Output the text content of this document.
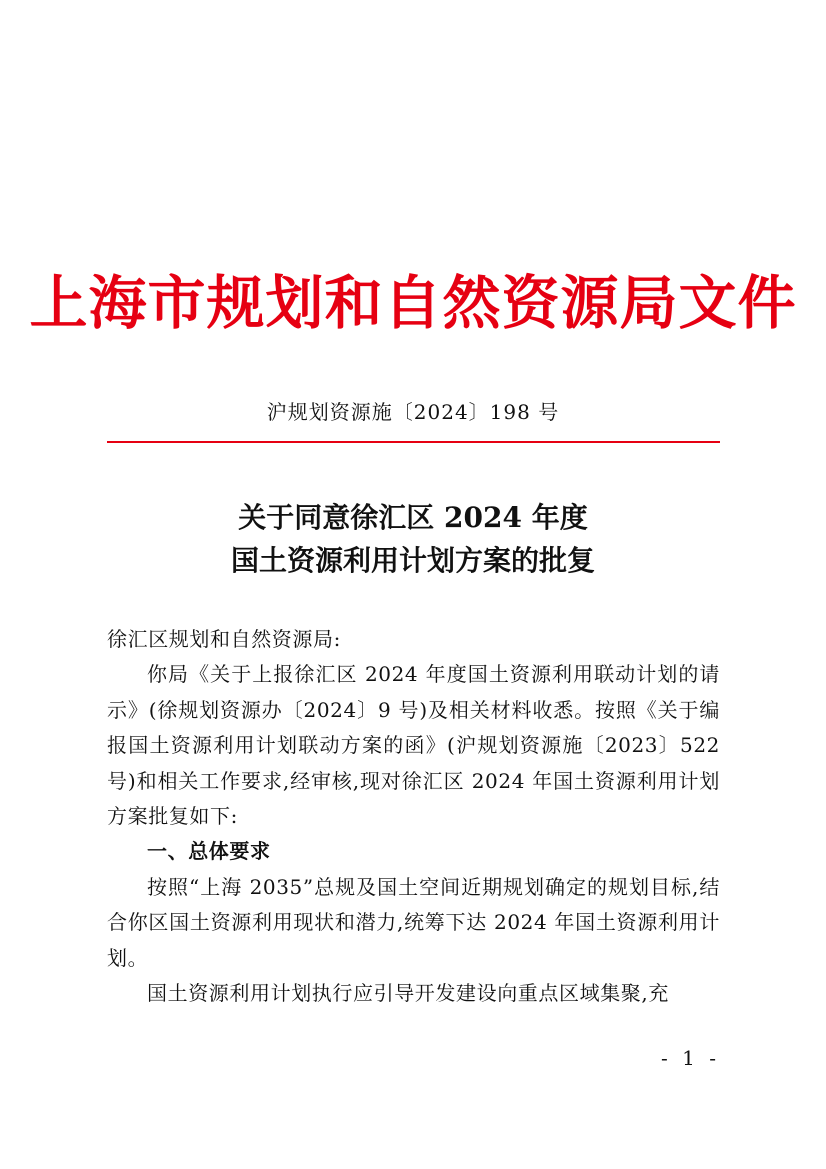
上海市规划和自然资源局文件
沪规划资源施〔2024〕198 号
关于同意徐汇区 2024 年度
国土资源利用计划方案的批复

徐汇区规划和自然资源局:

你局《关于上报徐汇区 2024 年度国土资源利用联动计划的请示》(徐规划资源办〔2024〕9 号)及相关材料收悉。按照《关于编报国土资源利用计划联动方案的函》(沪规划资源施〔2023〕522 号)和相关工作要求,经审核,现对徐汇区 2024 年国土资源利用计划方案批复如下:

一、总体要求

按照“上海 2035”总规及国土空间近期规划确定的规划目标,结合你区国土资源利用现状和潜力,统筹下达 2024 年国土资源利用计划。

国土资源利用计划执行应引导开发建设向重点区域集聚,充

- 1 -
